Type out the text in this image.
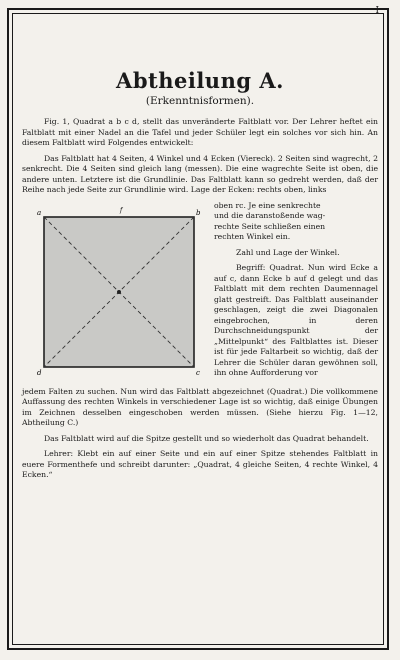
I
Abtheilung A.
(Erkenntnisformen).

Fig. 1, Quadrat a b c d, stellt das unveränderte Faltblatt vor. Der Lehrer heftet ein Faltblatt mit einer Nadel an die Tafel und jeder Schüler legt ein solches vor sich hin. An diesem Faltblatt wird Folgendes entwickelt:

Das Faltblatt hat 4 Seiten, 4 Winkel und 4 Ecken (Viereck). 2 Seiten sind wagrecht, 2 senkrecht. Die 4 Seiten sind gleich lang (messen). Die eine wagrechte Seite ist oben, die andere unten. Letztere ist die Grundlinie. Das Faltblatt kann so gedreht werden, daß der Reihe nach jede Seite zur Grundlinie wird. Lage der Ecken: rechts oben, links

a	b
c
d
f

oben rc. Je eine senkrechte

und die daranstoßende wag-

rechte Seite schließen einen

rechten Winkel ein.

Zahl und Lage der Winkel.

Begriff: Quadrat. Nun wird Ecke a auf c, dann Ecke b auf d gelegt und das Faltblatt mit dem rechten Daumennagel glatt gestreift. Das Faltblatt auseinander geschlagen, zeigt die zwei Diagonalen eingebrochen, in deren Durchschneidungspunkt der „Mittelpunkt“ des Faltblattes ist. Dieser ist für jede Faltarbeit so wichtig, daß der Lehrer die Schüler daran gewöhnen soll, ihn ohne Aufforderung vor

jedem Falten zu suchen. Nun wird das Faltblatt abgezeichnet (Quadrat.) Die vollkommene Auffassung des rechten Winkels in verschiedener Lage ist so wichtig, daß einige Übungen im Zeichnen desselben eingeschoben werden müssen. (Siehe hierzu Fig. 1—12, Abtheilung C.)

Das Faltblatt wird auf die Spitze gestellt und so wiederholt das Quadrat behandelt.

Lehrer: Klebt ein auf einer Seite und ein auf einer Spitze stehendes Faltblatt in euere Formenthefe und schreibt darunter: „Quadrat, 4 gleiche Seiten, 4 rechte Winkel, 4 Ecken.“
